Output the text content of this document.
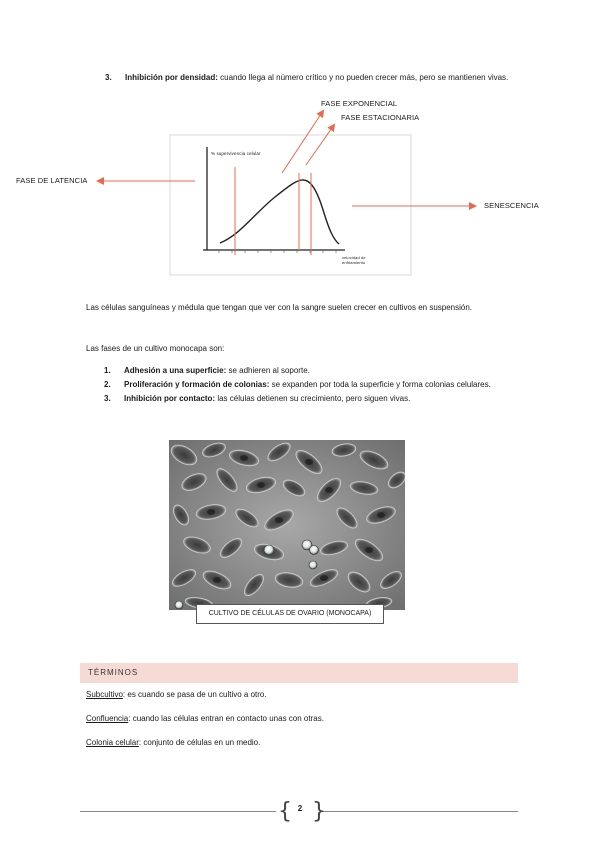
3. Inhibición por densidad: cuando llega al número crítico y no pueden crecer más, pero se mantienen vivas.
% supervivencia celular
velocidad de
enfriamiento
FASE EXPONENCIAL
FASE ESTACIONARIA
FASE DE LATENCIA
SENESCENCIA
Las células sanguíneas y médula que tengan que ver con la sangre suelen crecer en cultivos en suspensión.
Las fases de un cultivo monocapa son:
1. Adhesión a una superficie: se adhieren al soporte.
2. Proliferación y formación de colonias: se expanden por toda la superficie y forma colonias celulares.
3. Inhibición por contacto: las células detienen su crecimiento, pero siguen vivas.
CULTIVO DE CÉLULAS DE OVARIO (MONOCAPA)
TÉRMINOS
Subcultivo: es cuando se pasa de un cultivo a otro.
Confluencia: cuando las células entran en contacto unas con otras.
Colonia celular: conjunto de células en un medio.
{ 2 }
